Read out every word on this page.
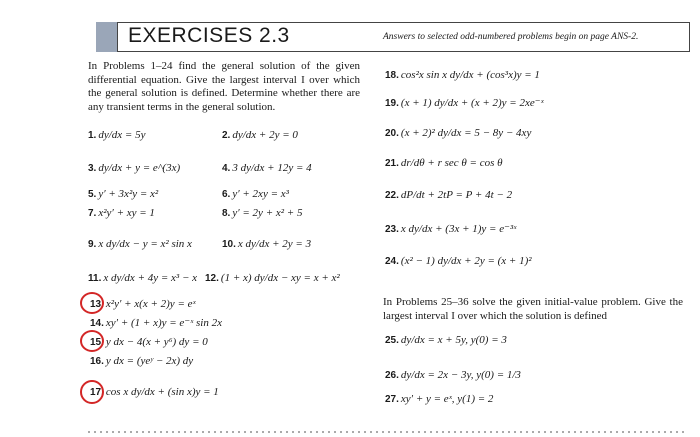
EXERCISES 2.3	Answers to selected odd-numbered problems begin on page ANS-2.
In Problems 1–24 find the general solution of the given differential equation. Give the largest interval I over which the general solution is defined. Determine whether there are any transient terms in the general solution.
In Problems 25–36 solve the given initial-value problem. Give the largest interval I over which the solution is defined
1. dy/dx = 5y
3. dy/dx + y = e^(3x)
5. y′ + 3x²y = x²
7. x²y′ + xy = 1
9. x dy/dx − y = x² sin x
11. x dy/dx + 4y = x³ − x
2. dy/dx + 2y = 0
4. 3 dy/dx + 12y = 4
6. y′ + 2xy = x³
8. y′ = 2y + x² + 5
10. x dy/dx + 2y = 3
12. (1 + x) dy/dx − xy = x + x²
13. x²y′ + x(x + 2)y = eˣ
14. xy′ + (1 + x)y = e⁻ˣ sin 2x
15. y dx − 4(x + y⁶) dy = 0
16. y dx = (yeʸ − 2x) dy
17. cos x dy/dx + (sin x)y = 1
18. cos²x sin x dy/dx + (cos³x)y = 1
19. (x + 1) dy/dx + (x + 2)y = 2xe⁻ˣ
20. (x + 2)² dy/dx = 5 − 8y − 4xy
21. dr/dθ + r sec θ = cos θ
22. dP/dt + 2tP = P + 4t − 2
23. x dy/dx + (3x + 1)y = e⁻³ˣ
24. (x² − 1) dy/dx + 2y = (x + 1)²
25. dy/dx = x + 5y, y(0) = 3
26. dy/dx = 2x − 3y, y(0) = 1/3
27. xy′ + y = eˣ, y(1) = 2
